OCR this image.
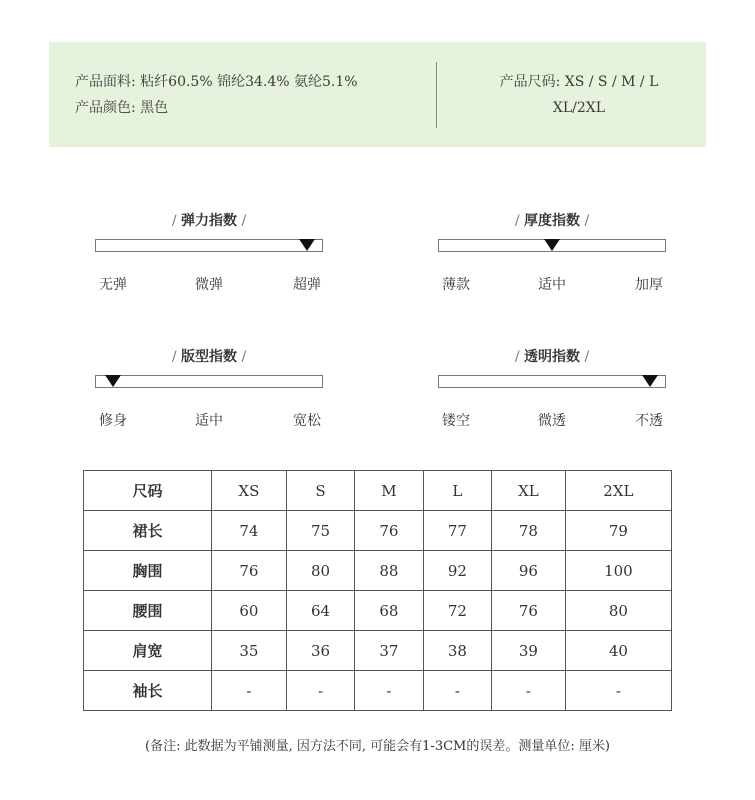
产品面料: 粘纤60.5% 锦纶34.4% 氨纶5.1%
产品颜色: 黑色
产品尺码: XS / S / M / L
XL/2XL
/ 弹力指数 /
无弹	微弹	超弹
/ 厚度指数 /
薄款	适中	加厚
/ 版型指数 /
修身	适中	宽松
/ 透明指数 /
镂空	微透	不透
尺码	XS	S	M	L	XL	2XL
裙长	74	75	76	77	78	79
胸围	76	80	88	92	96	100
腰围	60	64	68	72	76	80
肩宽	35	36	37	38	39	40
袖长	-	-	-	-	-	-
(备注: 此数据为平铺测量, 因方法不同, 可能会有1-3CM的误差。测量单位: 厘米)
